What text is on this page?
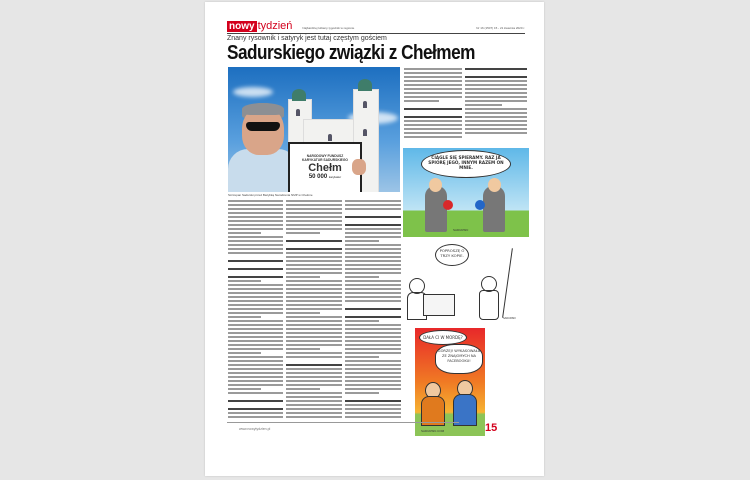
nowy tydzień	Najbardziej lubiany tygodnik w regionie	Nr 16 (1507) 15 - 21 kwietnia 2020 r.
Znany rysownik i satyryk jest tutaj częstym gościem
Sadurskiego związki z Chełmem
NARODOWY FUNDUSZ
KARYKATUR SADURSKIEGO
Chełm
50 000 karykatur
Szczepan Sadurski przed Bazyliką Narodzenia NMP w Chełmie
CIĄGLE SIĘ SPIERAMY. RAZ JA SPIORĘ JEGO, INNYM RAZEM ON MNIE.
SADURSKI
POPROSZĘ O TRZY KOPIE.
SADURSKI
DAŁA CI W MORDĘ?
GORZEJ! WYKASOWAŁA ZE ZNAJOMYCH NA FACEBOOKU!
SADURSKI.COM
www.nowytydzien.pl	15
